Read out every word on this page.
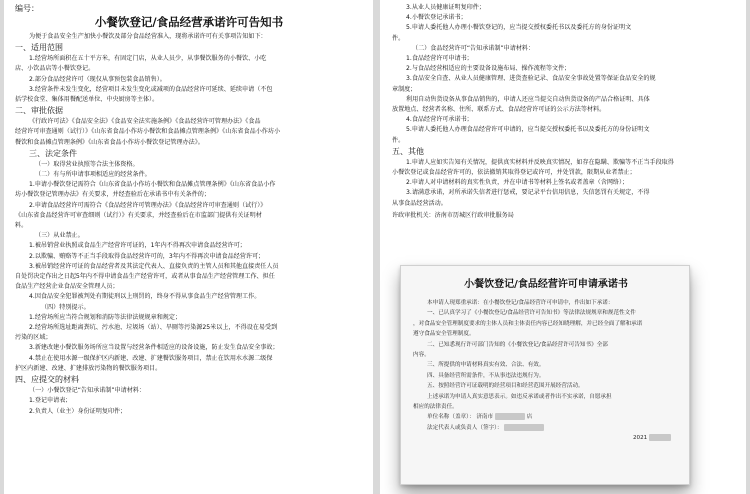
编号：
小餐饮登记/食品经营承诺许可告知书
为便于食品安全生产加快小餐饮及部分食品经营准入，现将承诺许可有关事项告知如下：
一、适用范围
1.经营场所面积在五十平方米，有固定门店，从业人员少，从事餐饮服务的小餐饮、小吃
店、小饮品店等小餐饮登记。
2.部分食品经营许可（现仅从事预包装食品销售）。
3.经营条件未发生变化，经营项目未发生变化或减项的食品经营许可延续、延续申请（不包
括学校食堂、集体用餐配送单位、中央厨房等主体）。
二、审批依据
《行政许可法》《食品安全法》《食品安全法实施条例》《食品经营许可管理办法》《食品
经营许可审查通则（试行）》《山东省食品小作坊小餐饮和食品摊点管理条例》《山东省食品小作坊小
餐饮和食品摊点管理条例》《山东省食品小作坊小餐饮登记管理办法》。
三、法定条件
（一）取得营业执照等合法主体资格。
（二）有与所申请事项相适应的经营条件。
1.申请小餐饮登记需符合《山东省食品小作坊小餐饮和食品摊点管理条例》《山东省食品小作
坊小餐饮登记管理办法》有关要求，并经查验后在承诺书中有关条件的；
2.申请食品经营许可需符合《食品经营许可管理办法》《食品经营许可审查通则（试行）》
《山东省食品经营许可审查细则（试行）》有关要求，并经查验后在市监部门提供有关证明材
料。
（三）从业禁止。
1.被吊销营业执照或食品生产经营许可证的，1年内不得再次申请食品经营许可；
2.以欺骗、贿赂等不正当手段取得食品经营许可的，3年内不得再次申请食品经营许可；
3.被吊销经营许可证的食品经营者及其法定代表人、直接负责的主管人员和其他直接责任人员
自处罚决定作出之日起5年内不得申请食品生产经营许可，或者从事食品生产经营管理工作、担任
食品生产经营企业食品安全管理人员；
4.因食品安全犯罪被判处有期徒刑以上刑罚的，终身不得从事食品生产经营管理工作。
（四）特别提示。
1.经营场所应当符合规划和消防等法律法规规章和规定；
2.经营场所选址距离粪坑、污水池、垃圾场（站）、旱厕等污染源25米以上，不得设在易受到
污染的区域；
3.新建改建小餐饮服务场所应当设置与经营条件相适应的设备设施，防止发生食品安全事故；
4.禁止在使用水源一级保护区内新建、改建、扩建餐饮服务项目，禁止在饮用水水源二级保
护区内新建、改建、扩建排放污染物的餐饮服务项目。
四、应提交的材料
（一）小餐饮登记“告知承诺制”申请材料：
1.登记申请表；
2.负责人（业主）身份证明复印件；
3.从业人员健康证明复印件；
4.小餐饮登记承诺书；
5.申请人委托他人办理小餐饮登记的，应当提交授权委托书以及委托方的身份证明文
件。
（二）食品经营许可“告知承诺制”申请材料：
1.食品经营许可申请书；
2.与食品经营相适应的主要设备设施布局、操作流程等文件；
3.食品安全自查、从业人员健康管理、进货查验记录、食品安全事故处置等保证食品安全的规
章制度；
利用自动售货设备从事食品销售的，申请人还应当提交自动售货设备的产品合格证明、具体
放置地点、经营者名称、住所、联系方式、食品经营许可证的公示方法等材料。
4.食品经营许可承诺书；
5.申请人委托他人办理食品经营许可申请的，应当提交授权委托书以及委托方的身份证明文
件。
五、其他
1.申请人应如实告知有关情况，提供真实材料并反映真实情况，如存在隐瞒、欺骗等不正当手段取得
小餐饮登记或食品经营许可的，依法撤销其取得登记或许可，并处罚款，限期从业者禁止；
2.申请人对申请材料的真实性负责，并在申请书等材料上签名或者盖章（含网络）；
3.请满意承诺，对所承诺失信者进行惩戒，要记录平台信用信息，失信惩罚有关规定，不得
从事食品经营活动。
许政审批机关：济南市历城区行政审批服务局
小餐饮登记/食品经营许可申请承诺书
本申请人现郑重承诺：在小餐饮登记/食品经营许可申请中，作出如下承诺：
一、已认真学习了《小餐饮登记/食品经营许可告知书》等法律法规规章和规范性文件
，对食品安全管理制度要求的主体人员和主体责任内容已经知晓理解，并已经全面了解和承诺
遵守食品安全管理制度。
二、已知悉现行许可部门告知的《小餐饮登记/食品经营许可告知书》全部
内容。
三、所提供的申请材料真实有效、合法、有效。
四、具备经营所需条件，不从事违法违规行为。
五、按照经营许可证载明的经营项目和经营范围开展经营活动。
上述承诺为申请人真实意思表示。如违反承诺或者作出不实承诺，自愿承担
相应的法律责任。
单位名称（盖章）： 济南市	店
法定代表人或负责人（签字）：
2021
